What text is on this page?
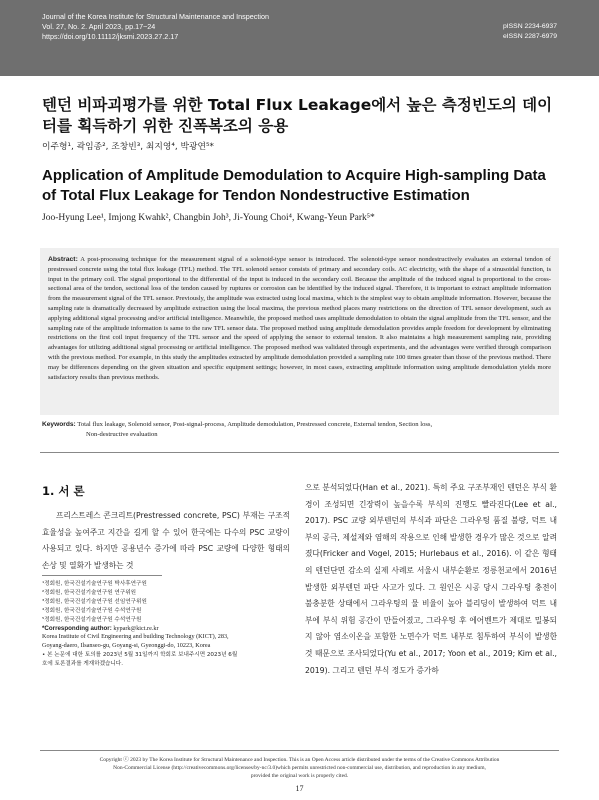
Journal of the Korea Institute for Structural Maintenance and Inspection
Vol. 27, No. 2. April 2023, pp.17~24
https://doi.org/10.11112/jksmi.2023.27.2.17
pISSN 2234-6937
eISSN 2287-6979
텐던 비파괴평가를 위한 Total Flux Leakage에서 높은 측정빈도의 데이터를 획득하기 위한 진폭복조의 응용
이주형¹, 곽임종², 조창빈³, 최지영⁴, 박광연⁵*
Application of Amplitude Demodulation to Acquire High-sampling Data of Total Flux Leakage for Tendon Nondestructive Estimation
Joo-Hyung Lee¹, Imjong Kwahk², Changbin Joh³, Ji-Young Choi⁴, Kwang-Yeun Park⁵*
Abstract: A post-processing technique for the measurement signal of a solenoid-type sensor is introduced. The solenoid-type sensor nondestructively evaluates an external tendon of prestressed concrete using the total flux leakage (TFL) method. The TFL solenoid sensor consists of primary and secondary coils. AC electricity, with the shape of a sinusoidal function, is input in the primary coil. The signal proportional to the differential of the input is induced in the secondary coil. Because the amplitude of the induced signal is proportional to the cross-sectional area of the tendon, sectional loss of the tendon caused by ruptures or corrosion can be identified by the induced signal. Therefore, it is important to extract amplitude information from the measurement signal of the TFL sensor. Previously, the amplitude was extracted using local maxima, which is the simplest way to obtain amplitude information. However, because the sampling rate is dramatically decreased by amplitude extraction using the local maxima, the previous method places many restrictions on the direction of TFL sensor development, such as applying additional signal processing and/or artificial intelligence. Meanwhile, the proposed method uses amplitude demodulation to obtain the signal amplitude from the TFL sensor, and the sampling rate of the amplitude information is same to the raw TFL sensor data. The proposed method using amplitude demodulation provides ample freedom for development by eliminating restrictions on the first coil input frequency of the TFL sensor and the speed of applying the sensor to external tension. It also maintains a high measurement sampling rate, providing advantages for utilizing additional signal processing or artificial intelligence. The proposed method was validated through experiments, and the advantages were verified through comparison with the previous method. For example, in this study the amplitudes extracted by amplitude demodulation provided a sampling rate 100 times greater than those of the previous method. There may be differences depending on the given situation and specific equipment settings; however, in most cases, extracting amplitude information using amplitude demodulation yields more satisfactory results than previous methods.
Keywords: Total flux leakage, Solenoid sensor, Post-signal-process, Amplitude demodulation, Prestressed concrete, External tendon, Section loss,
Non-destructive evaluation
1. 서 론

프리스트레스 콘크리트(Prestressed concrete, PSC) 부재는 구조적 효율성을 높여주고 지간을 길게 할 수 있어 한국에는 다수의 PSC 교량이 사용되고 있다. 하지만 공용년수 증가에 따라 PSC 교량에 다양한 형태의 손상 및 열화가 발생하는 것

¹정회원, 한국건설기술연구원 박사후연구원
²정회원, 한국건설기술연구원 연구위원
³정회원, 한국건설기술연구원 선임연구위원
⁴정회원, 한국건설기술연구원 수석연구원
⁵정회원, 한국건설기술연구원 수석연구원
*Corresponding author: kypark@kict.re.kr
Korea Institute of Civil Engineering and building Technology (KICT), 283,
Goyang-daero, Ilsanseo-gu, Goyang-si, Gyeonggi-do, 10223, Korea
• 본 논문에 대한 토의를 2023년 5월 31일까지 학회로 보내주시면 2023년 6월
호에 토론결과를 게재하겠습니다.

으로 분석되었다(Han et al., 2021). 특히 주요 구조부재인 텐던은 부식 환경이 조성되면 긴장력이 높을수록 부식의 진행도 빨라진다(Lee et al., 2017). PSC 교량 외부텐던의 부식과 파단은 그라우팅 품질 불량, 덕트 내부의 공극, 제설제와 염해의 작용으로 인해 발생한 경우가 많은 것으로 알려졌다(Fricker and Vogel, 2015; Hurlebaus et al., 2016). 이 같은 형태의 텐던단면 감소의 실제 사례로 서울시 내부순환로 정릉천교에서 2016년 발생한 외부텐던 파단 사고가 있다. 그 원인은 시공 당시 그라우팅 충전이 불충분한 상태에서 그라우팅의 물 비율이 높아 블리딩이 발생하여 덕트 내부에 부식 위험 공간이 만들어졌고, 그라우팅 후 에어벤트가 제대로 밀봉되지 않아 염소이온을 포함한 노면수가 덕트 내부로 침투하여 부식이 발생한 것 때문으로 조사되었다(Yu et al., 2017; Yoon et al., 2019; Kim et al., 2019). 그리고 텐던 부식 정도가 증가하

Copyright ⓒ 2023 by The Korea Institute for Structural Maintenance and Inspection. This is an Open Access article distributed under the terms of the Creative Commons Attribution
Non-Commercial License (http://creativecommons.org/licenses/by-nc/3.0)which permits unrestricted non-commercial use, distribution, and reproduction in any medium,
provided the original work is properly cited.
17
